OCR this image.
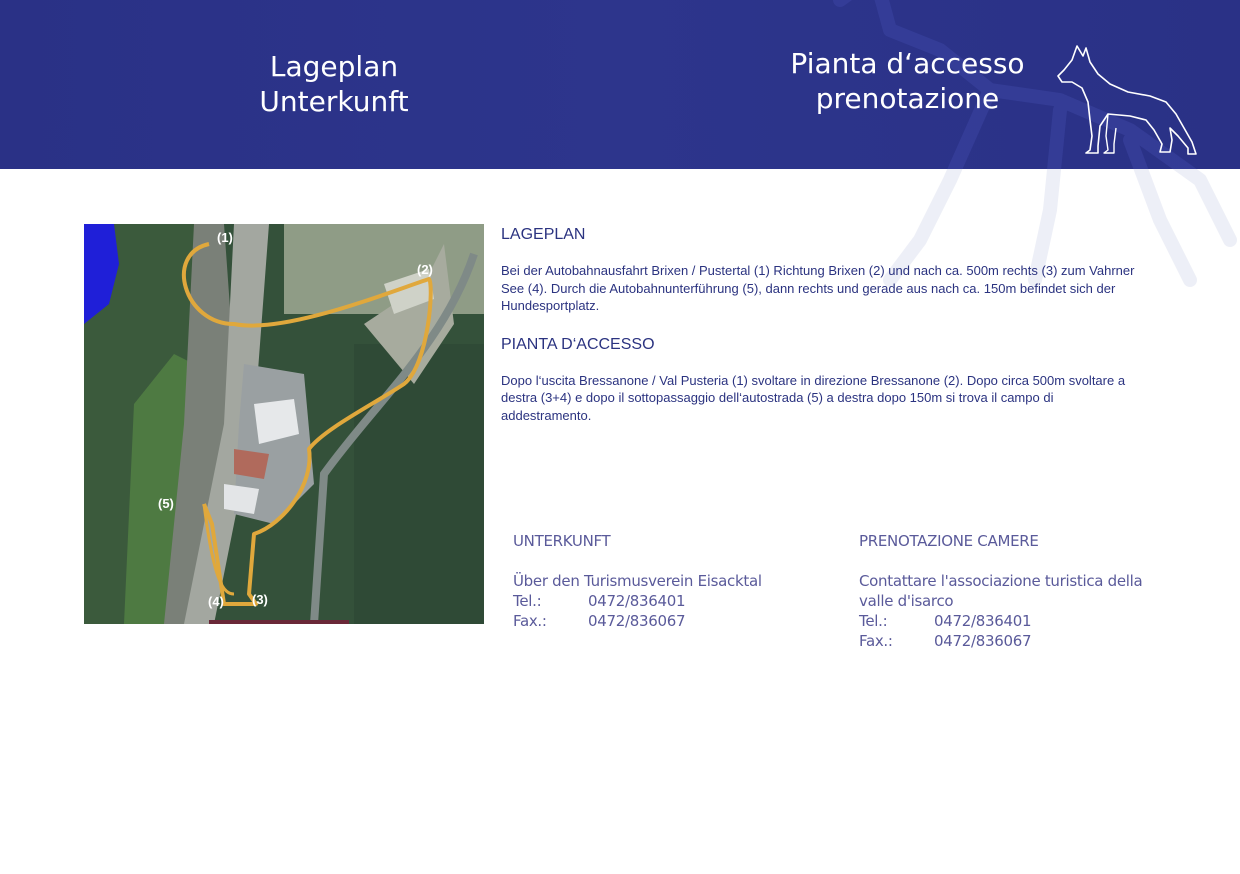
Lageplan
Unterkunft
Pianta d‘accesso
prenotazione
(1)
(2)
(3)
(4)
(5)

LAGEPLAN

Bei der Autobahnausfahrt Brixen / Pustertal (1) Richtung Brixen (2) und nach ca. 500m rechts (3) zum Vahrner See (4). Durch die Autobahnunterführung (5), dann rechts und gerade aus nach ca. 150m befindet sich der

Hundesportplatz.

PIANTA D‘ACCESSO

Dopo l‘uscita Bressanone / Val Pusteria (1) svoltare in direzione Bressanone (2). Dopo circa 500m svoltare a destra (3+4) e dopo il sottopassaggio dell‘autostrada (5) a destra dopo 150m si trova il campo di addestramento.

UNTERKUNFT
Über den Turismusverein Eisacktal
Tel.:	0472/836401
Fax.:	0472/836067
PRENOTAZIONE CAMERE
Contattare l'associazione turistica della valle d'isarco
Tel.:	0472/836401
Fax.:	0472/836067
